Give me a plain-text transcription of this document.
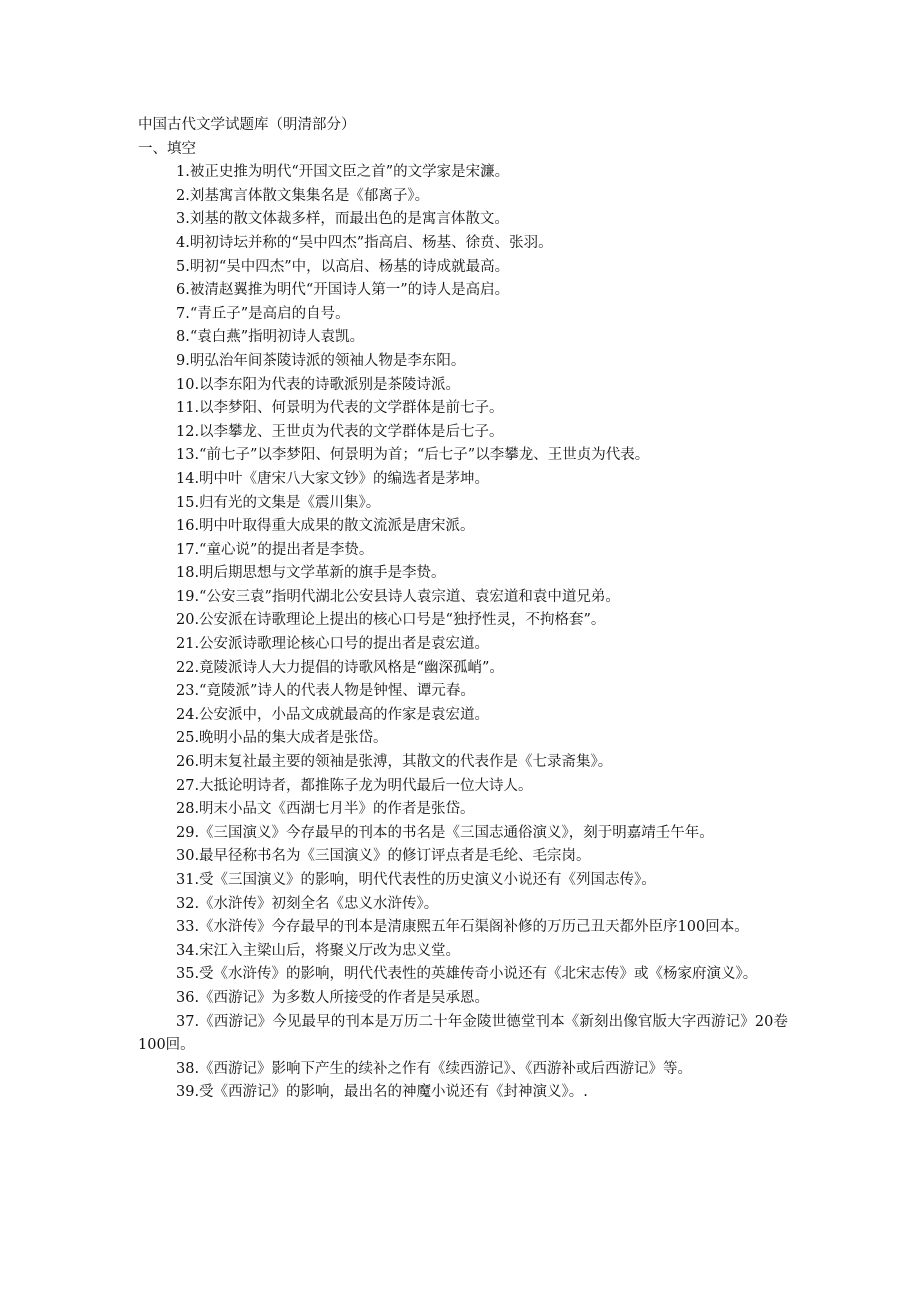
中国古代文学试题库（明清部分）

一、填空

1.被正史推为明代“开国文臣之首”的文学家是宋濂。
2.刘基寓言体散文集集名是《郁离子》。
3.刘基的散文体裁多样，而最出色的是寓言体散文。
4.明初诗坛并称的“吴中四杰”指高启、杨基、徐贲、张羽。
5.明初“吴中四杰”中，以高启、杨基的诗成就最高。
6.被清赵翼推为明代“开国诗人第一”的诗人是高启。
7.“青丘子”是高启的自号。
8.“袁白燕”指明初诗人袁凯。
9.明弘治年间茶陵诗派的领袖人物是李东阳。
10.以李东阳为代表的诗歌派别是茶陵诗派。
11.以李梦阳、何景明为代表的文学群体是前七子。
12.以李攀龙、王世贞为代表的文学群体是后七子。
13.“前七子”以李梦阳、何景明为首；“后七子”以李攀龙、王世贞为代表。
14.明中叶《唐宋八大家文钞》的编选者是茅坤。
15.归有光的文集是《震川集》。
16.明中叶取得重大成果的散文流派是唐宋派。
17.“童心说”的提出者是李贽。
18.明后期思想与文学革新的旗手是李贽。
19.“公安三袁”指明代湖北公安县诗人袁宗道、袁宏道和袁中道兄弟。
20.公安派在诗歌理论上提出的核心口号是“独抒性灵，不拘格套”。
21.公安派诗歌理论核心口号的提出者是袁宏道。
22.竟陵派诗人大力提倡的诗歌风格是“幽深孤峭”。
23.“竟陵派”诗人的代表人物是钟惺、谭元春。
24.公安派中，小品文成就最高的作家是袁宏道。
25.晚明小品的集大成者是张岱。
26.明末复社最主要的领袖是张溥，其散文的代表作是《七录斋集》。
27.大抵论明诗者，都推陈子龙为明代最后一位大诗人。
28.明末小品文《西湖七月半》的作者是张岱。
29.《三国演义》今存最早的刊本的书名是《三国志通俗演义》，刻于明嘉靖壬午年。
30.最早径称书名为《三国演义》的修订评点者是毛纶、毛宗岗。
31.受《三国演义》的影响，明代代表性的历史演义小说还有《列国志传》。
32.《水浒传》初刻全名《忠义水浒传》。
33.《水浒传》今存最早的刊本是清康熙五年石渠阁补修的万历己丑天都外臣序100回本。
34.宋江入主梁山后，将聚义厅改为忠义堂。
35.受《水浒传》的影响，明代代表性的英雄传奇小说还有《北宋志传》或《杨家府演义》。
36.《西游记》为多数人所接受的作者是吴承恩。
37.《西游记》今见最早的刊本是万历二十年金陵世德堂刊本《新刻出像官版大字西游记》20卷100回。
38.《西游记》影响下产生的续补之作有《续西游记》、《西游补或后西游记》等。
39.受《西游记》的影响，最出名的神魔小说还有《封神演义》。.
